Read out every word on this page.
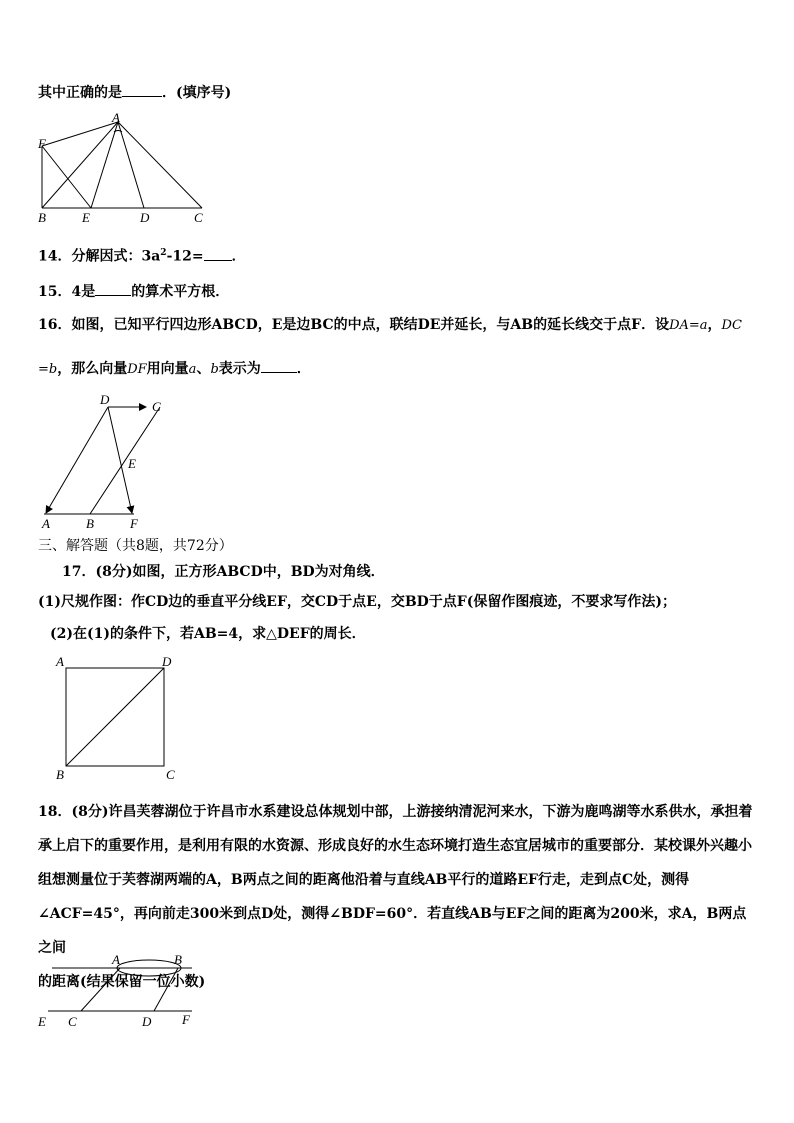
其中正确的是	．(填序号)
A
F
B	E	D	C
14．分解因式：$3a^2-12=$ ．
15．4是	的算术平方根．
16．如图，已知平行四边形ABCD，E是边BC的中点，联结DE并延长，与AB的延长线交于点F．设DA=a，DC
=b，那么向量DF用向量a、b表示为	．
D	C
E
A	B	F
三、解答题（共8题，共72分）
17．(8分)如图，正方形ABCD中，BD为对角线．
(1)尺规作图：作CD边的垂直平分线EF，交CD于点E，交BD于点F(保留作图痕迹，不要求写作法)；
(2)在(1)的条件下，若AB=4，求△DEF的周长．
A	D
B	C
18．(8分)许昌芙蓉湖位于许昌市水系建设总体规划中部，上游接纳清泥河来水，下游为鹿鸣湖等水系供水，承担着
承上启下的重要作用，是利用有限的水资源、形成良好的水生态环境打造生态宜居城市的重要部分．某校课外兴趣小
组想测量位于芙蓉湖两端的A，B两点之间的距离他沿着与直线AB平行的道路EF行走，走到点C处，测得
∠ACF=45°，再向前走300米到点D处，测得∠BDF=60°．若直线AB与EF之间的距离为200米，求A，B两点之间
的距离(结果保留一位小数)
A	B
E C	D F
